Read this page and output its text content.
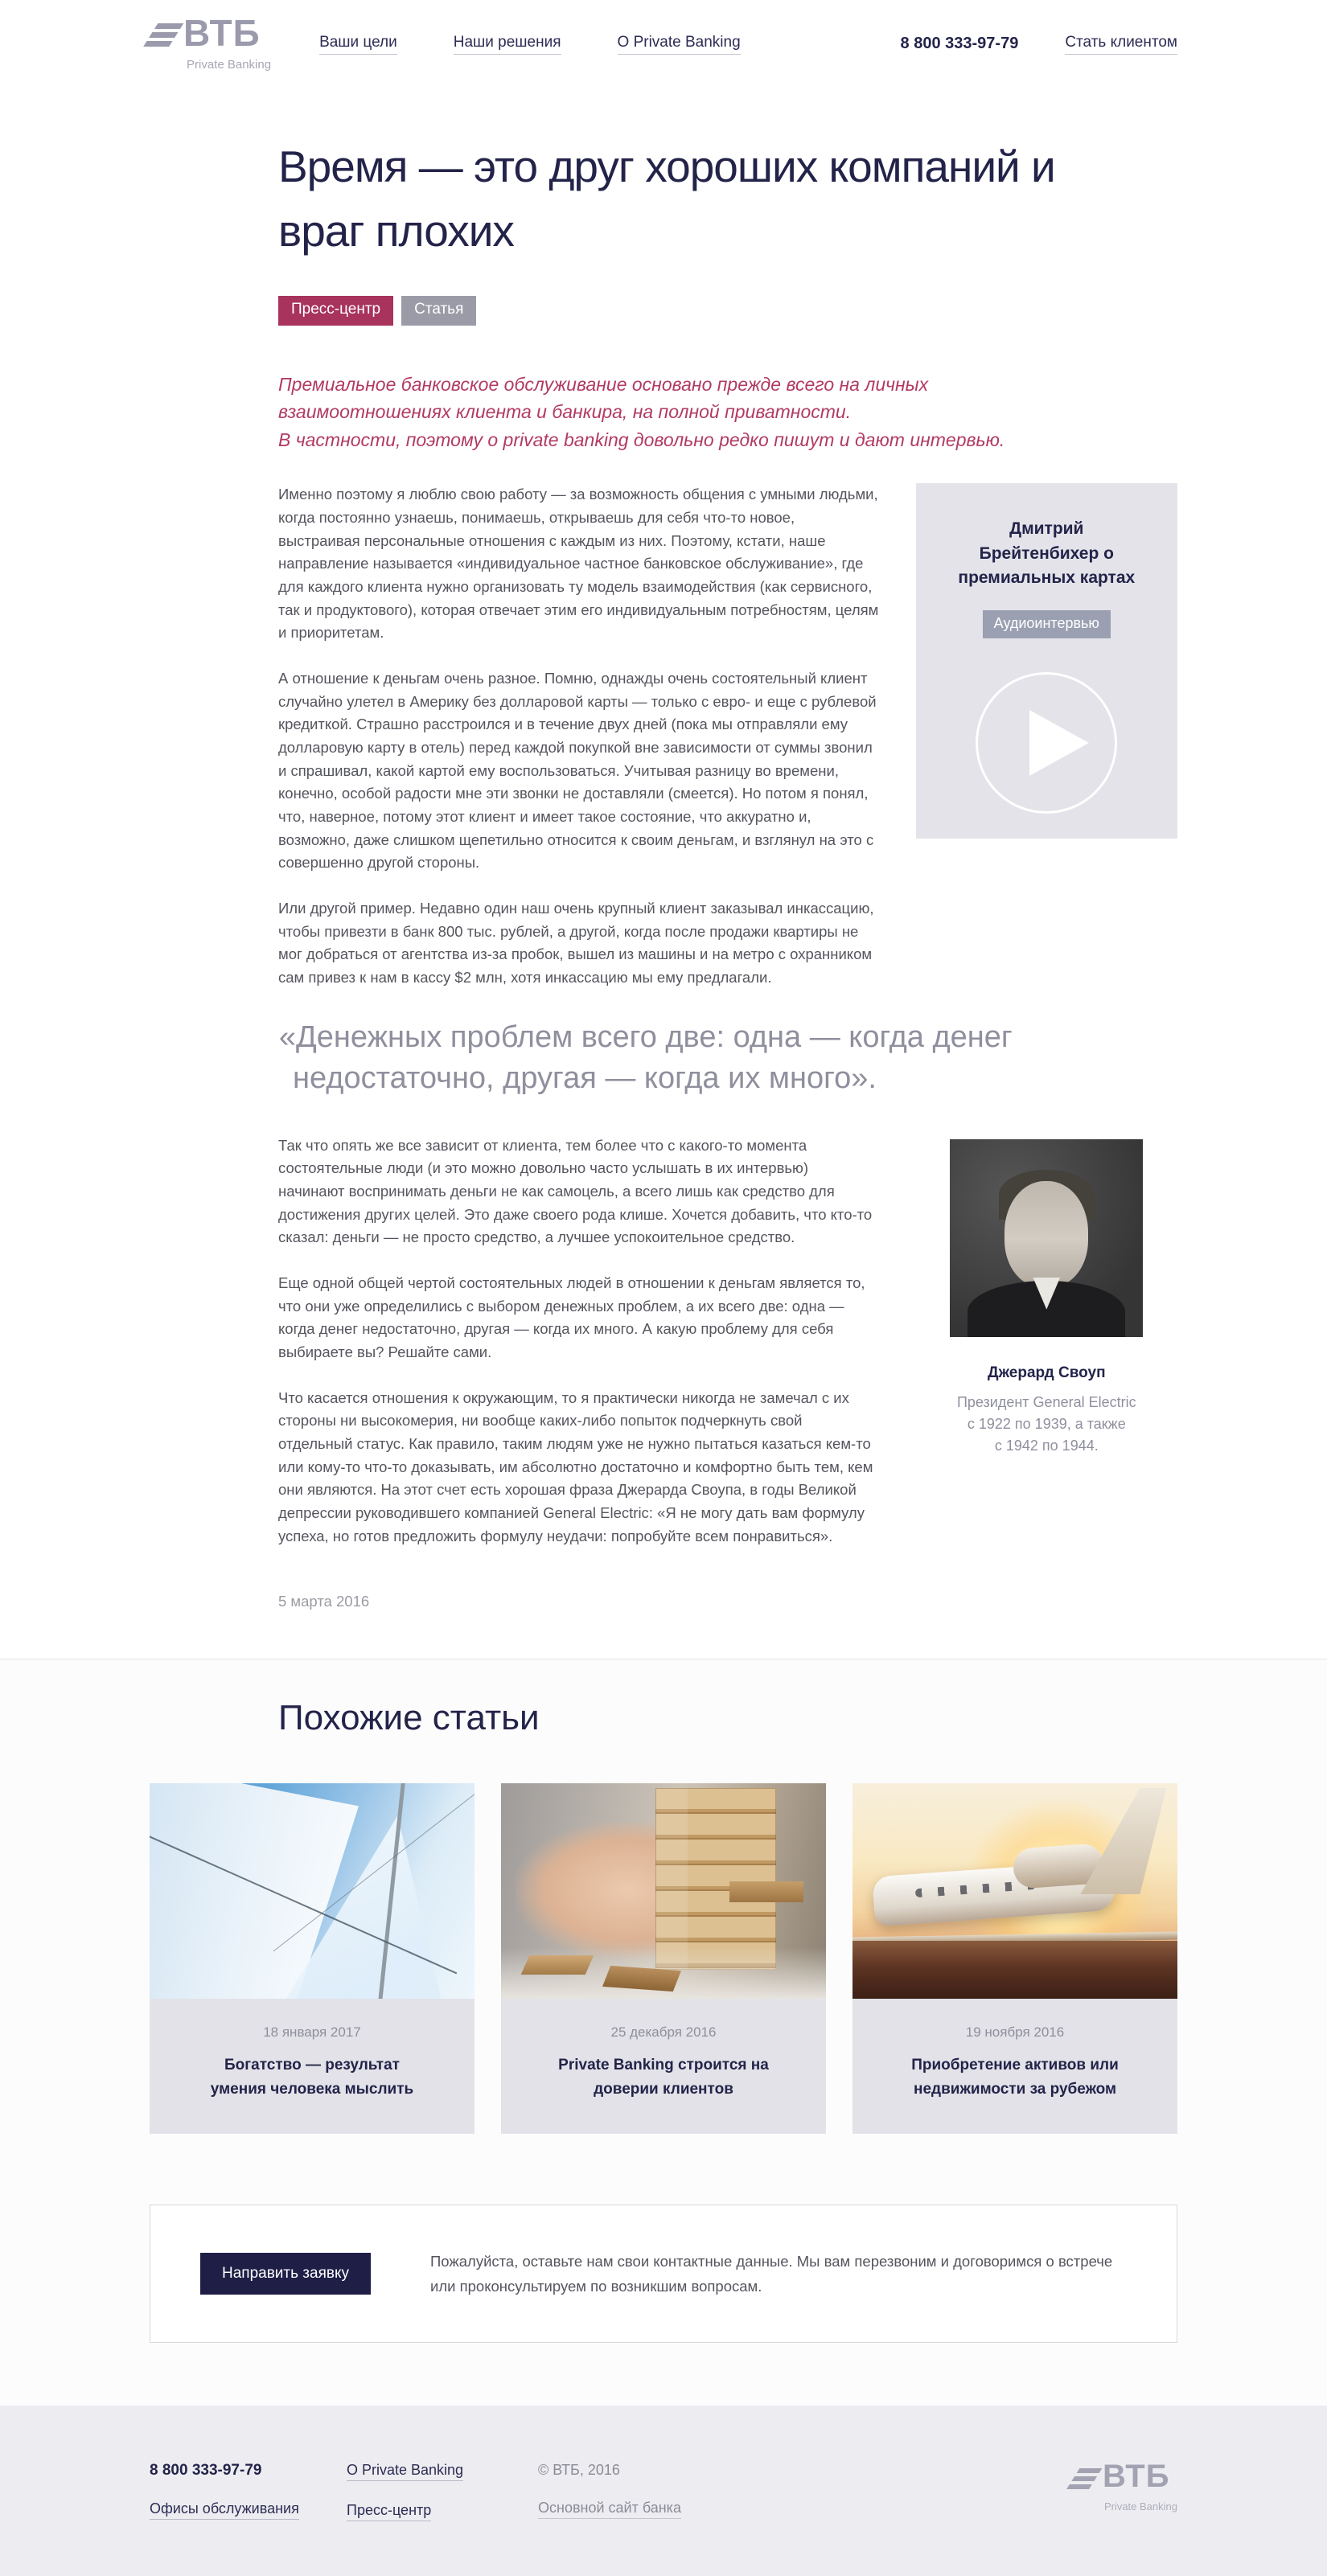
ВТБ
Private Banking
Ваши цели	Наши решения	О Private Banking	8 800 333-97-79	Стать клиентом
Время — это друг хороших компаний и враг плохих
Пресс-центр	Статья
Премиальное банковское обслуживание основано прежде всего на личных взаимоотношениях клиента и банкира, на полной приватности.
В частности, поэтому о private banking довольно редко пишут и дают интервью.

Именно поэтому я люблю свою работу — за возможность общения с умными людьми, когда постоянно узнаешь, понимаешь, открываешь для себя что-то новое, выстраивая персональные отношения с каждым из них. Поэтому, кстати, наше направление называется «индивидуальное частное банковское обслуживание», где для каждого клиента нужно организовать ту модель взаимодействия (как сервисного, так и продуктового), которая отвечает этим его индивидуальным потребностям, целям и приоритетам.

А отношение к деньгам очень разное. Помню, однажды очень состоятельный клиент случайно улетел в Америку без долларовой карты — только с евро- и еще с рублевой кредиткой. Страшно расстроился и в течение двух дней (пока мы отправляли ему долларовую карту в отель) перед каждой покупкой вне зависимости от суммы звонил и спрашивал, какой картой ему воспользоваться. Учитывая разницу во времени, конечно, особой радости мне эти звонки не доставляли (смеется). Но потом я понял, что, наверное, потому этот клиент и имеет такое состояние, что аккуратно и, возможно, даже слишком щепетильно относится к своим деньгам, и взглянул на это с совершенно другой стороны.

Или другой пример. Недавно один наш очень крупный клиент заказывал инкассацию, чтобы привезти в банк 800 тыс. рублей, а другой, когда после продажи квартиры не мог добраться от агентства из-за пробок, вышел из машины и на метро с охранником сам привез к нам в кассу $2 млн, хотя инкассацию мы ему предлагали.

Дмитрий Брейтенбихер о премиальных картах
Аудиоинтервью
«Денежных проблем всего две: одна — когда денег недостаточно, другая — когда их много».

Так что опять же все зависит от клиента, тем более что с какого-то момента состоятельные люди (и это можно довольно часто услышать в их интервью) начинают воспринимать деньги не как самоцель, а всего лишь как средство для достижения других целей. Это даже своего рода клише. Хочется добавить, что кто-то сказал: деньги — не просто средство, а лучшее успокоительное средство.

Еще одной общей чертой состоятельных людей в отношении к деньгам является то, что они уже определились с выбором денежных проблем, а их всего две: одна — когда денег недостаточно, другая — когда их много. А какую проблему для себя выбираете вы? Решайте сами.

Что касается отношения к окружающим, то я практически никогда не замечал с их стороны ни высокомерия, ни вообще каких-либо попыток подчеркнуть свой отдельный статус. Как правило, таким людям уже не нужно пытаться казаться кем-то или кому-то что-то доказывать, им абсолютно достаточно и комфортно быть тем, кем они являются. На этот счет есть хорошая фраза Джерарда Своупа, в годы Великой депрессии руководившего компанией General Electric: «Я не могу дать вам формулу успеха, но готов предложить формулу неудачи: попробуйте всем понравиться».

Джерард Своуп
Президент General Electric
с 1922 по 1939, а также
с 1942 по 1944.
5 марта 2016
Похожие статьи
18 января 2017
Богатство — результат умения человека мыслить
25 декабря 2016
Private Banking строится на доверии клиентов
19 ноября 2016
Приобретение активов или недвижимости за рубежом
Направить заявку
Пожалуйста, оставьте нам свои контактные данные. Мы вам перезвоним и договоримся о встрече или проконсультируем по возникшим вопросам.
8 800 333-97-79
Офисы обслуживания
О Private Banking
Пресс-центр
© ВТБ, 2016
Основной сайт банка
ВТБ
Private Banking
